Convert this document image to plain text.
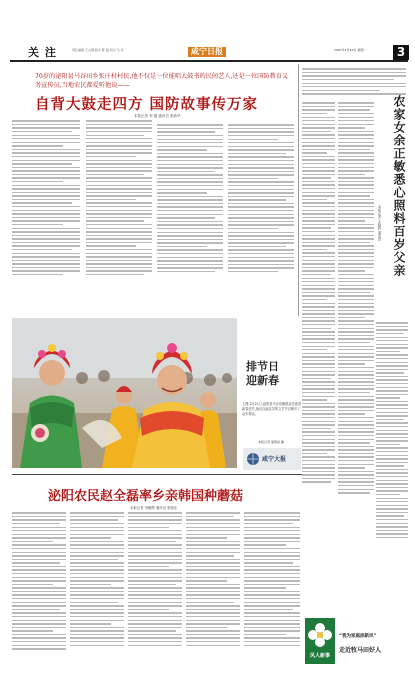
关 注	责任编辑 王占刚 版式 陈 磊 校对 马 丹	咸宁日报	2007年2月26日 星期一	3
70岁的泌阳县马谷田乡张庄村村民,他不仅是一位能唱大鼓书的民间艺人,还是一位国防教育义务宣传员,当地农民都爱听他说——
自背大鼓走四方 国防故事传万家
本报记者 李 刚 通讯员 张新华	农家女余正敏悉心照料百岁父亲
本报记者 王晓辉 通讯员
排节日迎新春
上图:2月21日,泌阳县马谷田镇群众在欢度新春佳节,他们自编自导的文艺节目吸引了众多观众。
本报记者 夏德斌 摄
咸宁大报
泌阳农民赵全磊率乡亲韩国种蘑菇
本报记者 李鹏辉 通讯员 张晓东
风人新事
“我为家庭添新风”
走近牧马田好人
